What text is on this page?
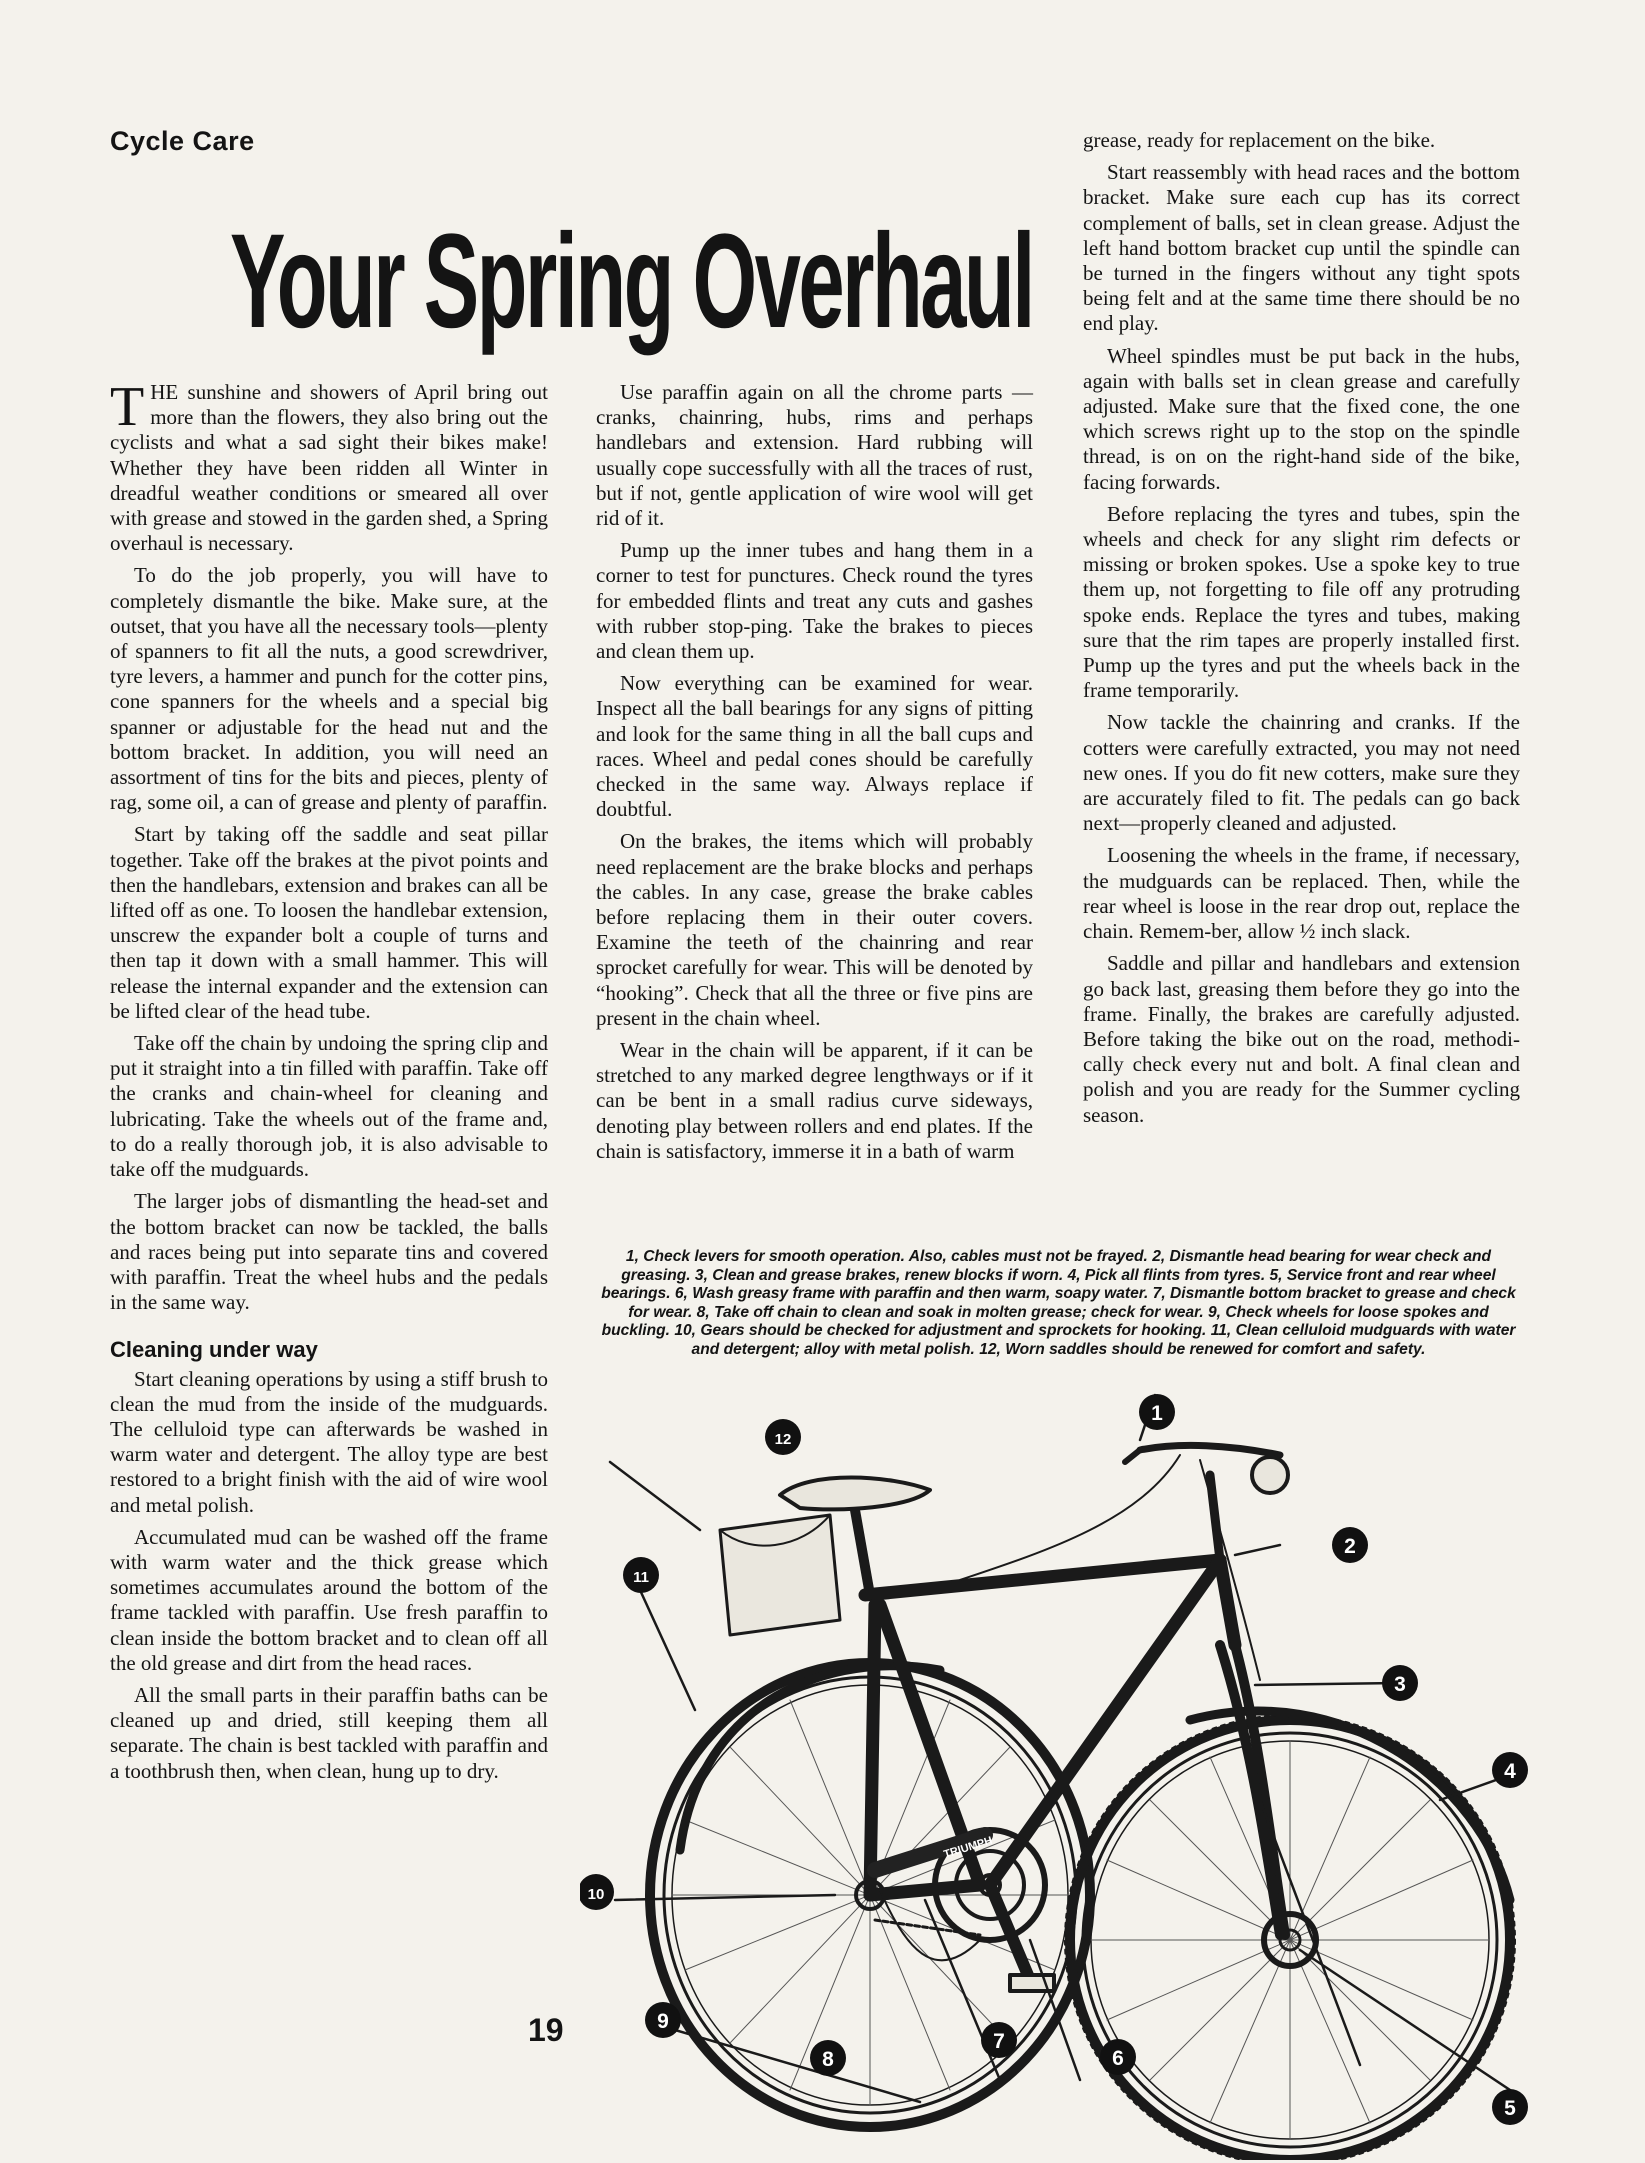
Cycle Care
Your Spring Overhaul

THE sunshine and showers of April bring out more than the flowers, they also bring out the cyclists and what a sad sight their bikes make! Whether they have been ridden all Winter in dreadful weather conditions or smeared all over with grease and stowed in the garden shed, a Spring overhaul is necessary.

To do the job properly, you will have to completely dismantle the bike. Make sure, at the outset, that you have all the necessary tools—plenty of spanners to fit all the nuts, a good screwdriver, tyre levers, a hammer and punch for the cotter pins, cone spanners for the wheels and a special big spanner or adjustable for the head nut and the bottom bracket. In addition, you will need an assortment of tins for the bits and pieces, plenty of rag, some oil, a can of grease and plenty of paraffin.

Start by taking off the saddle and seat pillar together. Take off the brakes at the pivot points and then the handlebars, extension and brakes can all be lifted off as one. To loosen the handlebar extension, unscrew the expander bolt a couple of turns and then tap it down with a small hammer. This will release the internal expander and the extension can be lifted clear of the head tube.

Take off the chain by undoing the spring clip and put it straight into a tin filled with paraffin. Take off the cranks and chain-wheel for cleaning and lubricating. Take the wheels out of the frame and, to do a really thorough job, it is also advisable to take off the mudguards.

The larger jobs of dismantling the head-set and the bottom bracket can now be tackled, the balls and races being put into separate tins and covered with paraffin. Treat the wheel hubs and the pedals in the same way.

Cleaning under way

Start cleaning operations by using a stiff brush to clean the mud from the inside of the mudguards. The celluloid type can afterwards be washed in warm water and detergent. The alloy type are best restored to a bright finish with the aid of wire wool and metal polish.

Accumulated mud can be washed off the frame with warm water and the thick grease which sometimes accumulates around the bottom of the frame tackled with paraffin. Use fresh paraffin to clean inside the bottom bracket and to clean off all the old grease and dirt from the head races.

All the small parts in their paraffin baths can be cleaned up and dried, still keeping them all separate. The chain is best tackled with paraffin and a toothbrush then, when clean, hung up to dry.

Use paraffin again on all the chrome parts —cranks, chainring, hubs, rims and perhaps handlebars and extension. Hard rubbing will usually cope successfully with all the traces of rust, but if not, gentle application of wire wool will get rid of it.

Pump up the inner tubes and hang them in a corner to test for punctures. Check round the tyres for embedded flints and treat any cuts and gashes with rubber stop-ping. Take the brakes to pieces and clean them up.

Now everything can be examined for wear. Inspect all the ball bearings for any signs of pitting and look for the same thing in all the ball cups and races. Wheel and pedal cones should be carefully checked in the same way. Always replace if doubtful.

On the brakes, the items which will probably need replacement are the brake blocks and perhaps the cables. In any case, grease the brake cables before replacing them in their outer covers. Examine the teeth of the chainring and rear sprocket carefully for wear. This will be denoted by “hooking”. Check that all the three or five pins are present in the chain wheel.

Wear in the chain will be apparent, if it can be stretched to any marked degree lengthways or if it can be bent in a small radius curve sideways, denoting play between rollers and end plates. If the chain is satisfactory, immerse it in a bath of warm

grease, ready for replacement on the bike.

Start reassembly with head races and the bottom bracket. Make sure each cup has its correct complement of balls, set in clean grease. Adjust the left hand bottom bracket cup until the spindle can be turned in the fingers without any tight spots being felt and at the same time there should be no end play.

Wheel spindles must be put back in the hubs, again with balls set in clean grease and carefully adjusted. Make sure that the fixed cone, the one which screws right up to the stop on the spindle thread, is on on the right-hand side of the bike, facing forwards.

Before replacing the tyres and tubes, spin the wheels and check for any slight rim defects or missing or broken spokes. Use a spoke key to true them up, not forgetting to file off any protruding spoke ends. Replace the tyres and tubes, making sure that the rim tapes are properly installed first. Pump up the tyres and put the wheels back in the frame temporarily.

Now tackle the chainring and cranks. If the cotters were carefully extracted, you may not need new ones. If you do fit new cotters, make sure they are accurately filed to fit. The pedals can go back next—properly cleaned and adjusted.

Loosening the wheels in the frame, if necessary, the mudguards can be replaced. Then, while the rear wheel is loose in the rear drop out, replace the chain. Remem-ber, allow ½ inch slack.

Saddle and pillar and handlebars and extension go back last, greasing them before they go into the frame. Finally, the brakes are carefully adjusted. Before taking the bike out on the road, methodi-cally check every nut and bolt. A final clean and polish and you are ready for the Summer cycling season.

1, Check levers for smooth operation. Also, cables must not be frayed. 2, Dismantle head bearing for wear check and greasing. 3, Clean and grease brakes, renew blocks if worn. 4, Pick all flints from tyres. 5, Service front and rear wheel bearings. 6, Wash greasy frame with paraffin and then warm, soapy water. 7, Dismantle bottom bracket to grease and check for wear. 8, Take off chain to clean and soak in molten grease; check for wear. 9, Check wheels for loose spokes and buckling. 10, Gears should be checked for adjustment and sprockets for hooking. 11, Clean celluloid mudguards with water and detergent; alloy with metal polish. 12, Worn saddles should be renewed for comfort and safety.
TRIUMPH
1
2
3
4
5
6
7
8
9
10
11
12
19
